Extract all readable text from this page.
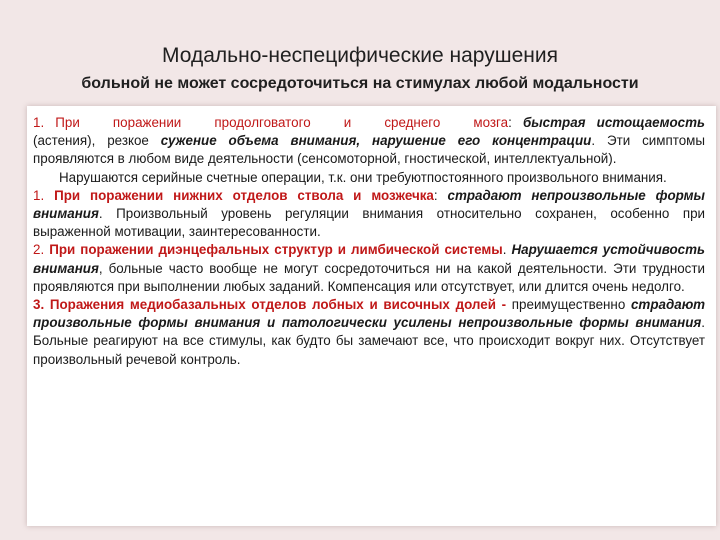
Модально-неспецифические нарушения
больной не может сосредоточиться на стимулах любой модальности

1. При поражении продолговатого и среднего мозга: быстрая истощаемость (астения), резкое сужение объема внимания, нарушение его концентрации. Эти симптомы проявляются в любом виде деятельности (сенсомоторной, гностической, интеллектуальной).

Нарушаются серийные счетные операции, т.к. они требуютпостоянного произвольного внимания.

1. При поражении нижних отделов ствола и мозжечка: страдают непроизвольные формы внимания. Произвольный уровень регуляции внимания относительно сохранен, особенно при выраженной мотивации, заинтересованности.

2. При поражении диэнцефальных структур и лимбической системы. Нарушается устойчивость внимания, больные часто вообще не могут сосредоточиться ни на какой деятельности. Эти трудности проявляются при выполнении любых заданий. Компенсация или отсутствует, или длится очень недолго.

3. Поражения медиобазальных отделов лобных и височных долей - преимущественно страдают произвольные формы внимания и патологически усилены непроизвольные формы внимания. Больные реагируют на все стимулы, как будто бы замечают все, что происходит вокруг них. Отсутствует произвольный речевой контроль.
